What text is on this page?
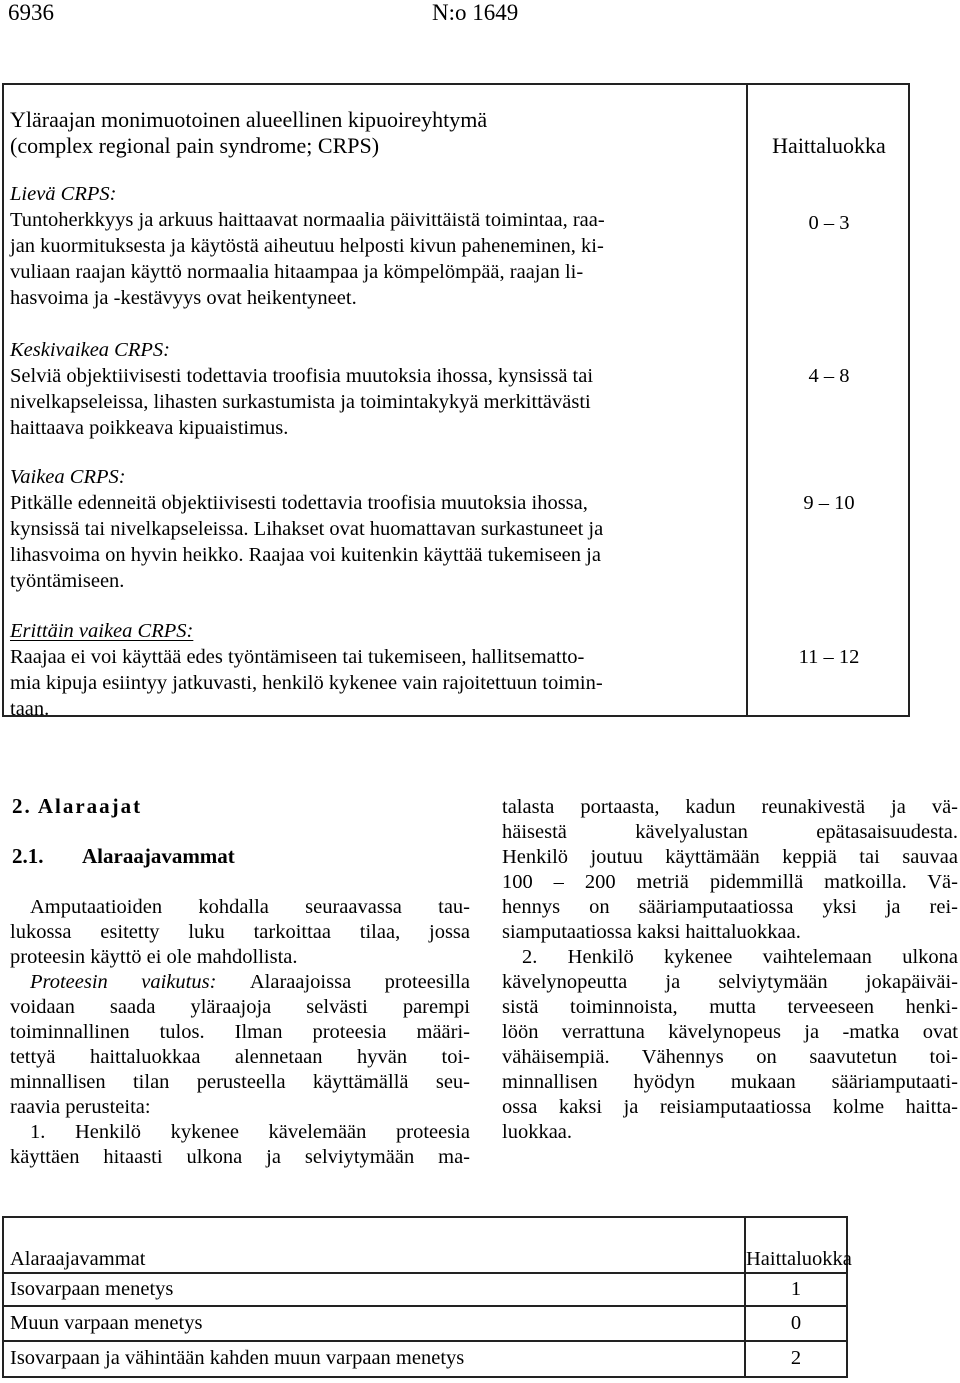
6936	N:o 1649
Yläraajan monimuotoinen alueellinen kipuoireyhtymä
(complex regional pain syndrome; CRPS)	Haittaluokka
Lievä CRPS:
Tuntoherkkyys ja arkuus haittaavat normaalia päivittäistä toimintaa, raa-
jan kuormituksesta ja käytöstä aiheutuu helposti kivun paheneminen, ki-
vuliaan raajan käyttö normaalia hitaampaa ja kömpelömpää, raajan li-
hasvoima ja -kestävyys ovat heikentyneet.
0 – 3
Keskivaikea CRPS:
Selviä objektiivisesti todettavia troofisia muutoksia ihossa, kynsissä tai
nivelkapseleissa, lihasten surkastumista ja toimintakykyä merkittävästi
haittaava poikkeava kipuaistimus.
4 – 8
Vaikea CRPS:
Pitkälle edenneitä objektiivisesti todettavia troofisia muutoksia ihossa,
kynsissä tai nivelkapseleissa. Lihakset ovat huomattavan surkastuneet ja
lihasvoima on hyvin heikko. Raajaa voi kuitenkin käyttää tukemiseen ja
työntämiseen.
9 – 10
Erittäin vaikea CRPS:
Raajaa ei voi käyttää edes työntämiseen tai tukemiseen, hallitsematto-
mia kipuja esiintyy jatkuvasti, henkilö kykenee vain rajoitettuun toimin-
taan.
11 – 12
2. Alaraajat
2.1. Alaraajavammat
Amputaatioiden kohdalla seuraavassa tau-
lukossa esitetty luku tarkoittaa tilaa, jossa
proteesin käyttö ei ole mahdollista.
Proteesin vaikutus: Alaraajoissa proteesilla
voidaan saada yläraajoja selvästi parempi
toiminnallinen tulos. Ilman proteesia määri-
tettyä haittaluokkaa alennetaan hyvän toi-
minnallisen tilan perusteella käyttämällä seu-
raavia perusteita:
1. Henkilö kykenee kävelemään proteesia
käyttäen hitaasti ulkona ja selviytymään ma-
talasta portaasta, kadun reunakivestä ja vä-
häisestä kävelyalustan epätasaisuudesta.
Henkilö joutuu käyttämään keppiä tai sauvaa
100 – 200 metriä pidemmillä matkoilla. Vä-
hennys on sääriamputaatiossa yksi ja rei-
siamputaatiossa kaksi haittaluokkaa.
2. Henkilö kykenee vaihtelemaan ulkona
kävelynopeutta ja selviytymään jokapäiväi-
sistä toiminnoista, mutta terveeseen henki-
löön verrattuna kävelynopeus ja -matka ovat
vähäisempiä. Vähennys on saavutetun toi-
minnallisen hyödyn mukaan sääriamputaati-
ossa kaksi ja reisiamputaatiossa kolme haitta-
luokkaa.
Alaraajavammat	Haittaluokka
Isovarpaan menetys	1
Muun varpaan menetys	0
Isovarpaan ja vähintään kahden muun varpaan menetys	2
